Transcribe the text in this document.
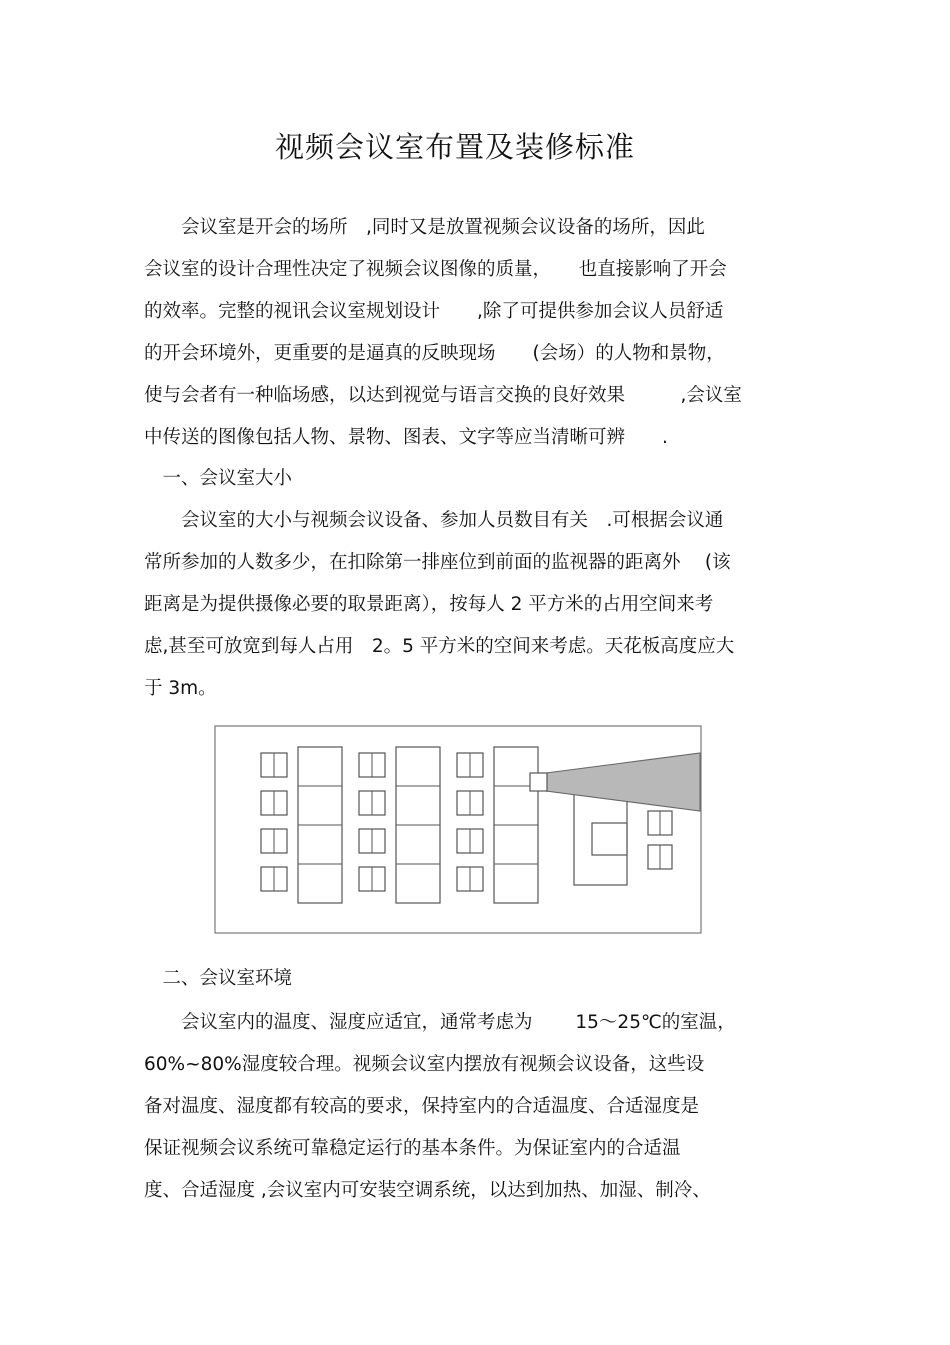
视频会议室布置及装修标准
　　会议室是开会的场所　,同时又是放置视频会议设备的场所，因此
会议室的设计合理性决定了视频会议图像的质量，　　也直接影响了开会
的效率。完整的视讯会议室规划设计　　,除了可提供参加会议人员舒适
的开会环境外，更重要的是逼真的反映现场　　(会场）的人物和景物，
使与会者有一种临场感，以达到视觉与语言交换的良好效果　　　,会议室
中传送的图像包括人物、景物、图表、文字等应当清晰可辨　　.
　一、会议室大小
　　会议室的大小与视频会议设备、参加人员数目有关　.可根据会议通
常所参加的人数多少，在扣除第一排座位到前面的监视器的距离外　 (该
距离是为提供摄像必要的取景距离），按每人 2 平方米的占用空间来考
虑,甚至可放宽到每人占用　2。5 平方米的空间来考虑。天花板高度应大
于 3m。
　二、会议室环境
　　会议室内的温度、湿度应适宜，通常考虑为　　 15～25℃的室温，
60%~80%湿度较合理。视频会议室内摆放有视频会议设备，这些设
备对温度、湿度都有较高的要求，保持室内的合适温度、合适湿度是
保证视频会议系统可靠稳定运行的基本条件。为保证室内的合适温
度、合适湿度 ,会议室内可安装空调系统，以达到加热、加湿、制冷、
